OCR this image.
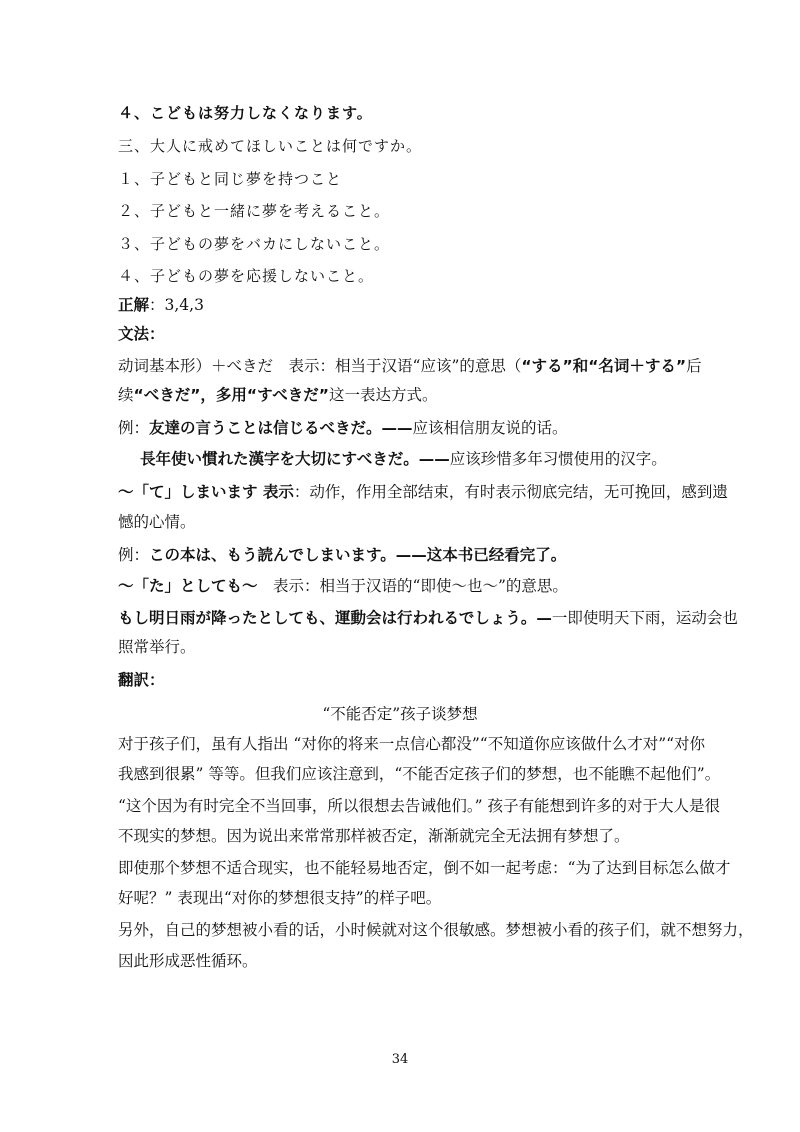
４、こどもは努力しなくなります。
三、大人に戒めてほしいことは何ですか。
１、子どもと同じ夢を持つこと
２、子どもと一緒に夢を考えること。
３、子どもの夢をバカにしないこと。
４、子どもの夢を応援しないこと。
正解：3,4,3
文法：
动词基本形）＋べきだ　表示：相当于汉语“应该”的意思（“する”和“名词＋する”后
续“べきだ”，多用“すべきだ”这一表达方式。
例：友達の言うことは信じるべきだ。——应该相信朋友说的话。
長年使い慣れた漢字を大切にすべきだ。——应该珍惜多年习惯使用的汉字。
～「て」しまいます 表示：动作，作用全部结束，有时表示彻底完结，无可挽回，感到遗
憾的心情。
例：この本は、もう読んでしまいます。——这本书已经看完了。
～「た」としても～　表示：相当于汉语的“即使～也～”的意思。
もし明日雨が降ったとしても、運動会は行われるでしょう。—一即使明天下雨，运动会也
照常举行。
翻訳：
“不能否定”孩子谈梦想
对于孩子们，虽有人指出 “对你的将来一点信心都没”“不知道你应该做什么才对”“对你
我感到很累” 等等。但我们应该注意到，“不能否定孩子们的梦想，也不能瞧不起他们”。
“这个因为有时完全不当回事，所以很想去告诫他们。” 孩子有能想到许多的对于大人是很
不现实的梦想。因为说出来常常那样被否定，渐渐就完全无法拥有梦想了。
即使那个梦想不适合现实，也不能轻易地否定，倒不如一起考虑：“为了达到目标怎么做才
好呢？” 表现出“对你的梦想很支持”的样子吧。
另外，自己的梦想被小看的话，小时候就对这个很敏感。梦想被小看的孩子们，就不想努力，
因此形成恶性循环。
34
